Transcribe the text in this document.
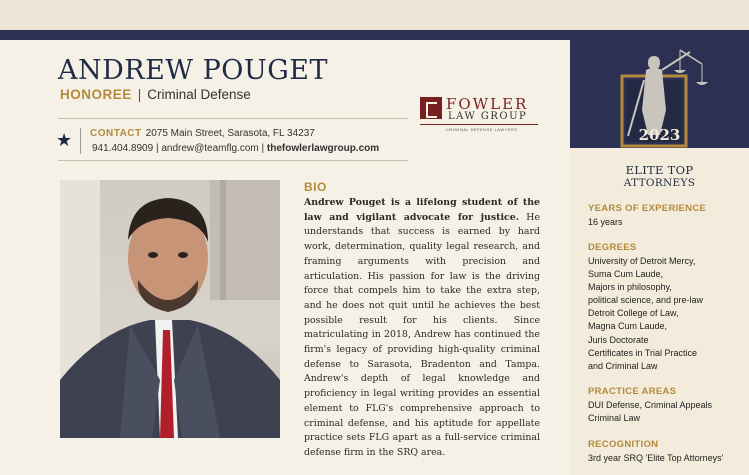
2023
ANDREW POUGET
HONOREE | Criminal Defense
★ CONTACT 2075 Main Street, Sarasota, FL 34237
941.404.8909 | andrew@teamflg.com | thefowlerlawgroup.com
FOWLER
LAW GROUP
CRIMINAL DEFENSE LAWYERS
BIO
Andrew Pouget is a lifelong student of the law and vigilant advocate for justice. He understands that success is earned by hard work, determination, quality legal research, and framing arguments with precision and articulation. His passion for law is the driving force that compels him to take the extra step, and he does not quit until he achieves the best possible result for his clients. Since matriculating in 2018, Andrew has continued the firm's legacy of providing high-quality criminal defense to Sarasota, Bradenton and Tampa. Andrew's depth of legal knowledge and proficiency in legal writing provides an essential element to FLG's comprehensive approach to criminal defense, and his aptitude for appellate practice sets FLG apart as a full-service criminal defense firm in the SRQ area.
ELITE TOP
ATTORNEYS
YEARS OF EXPERIENCE
16 years
DEGREES
University of Detroit Mercy,
Suma Cum Laude,
Majors in philosophy,
political science, and pre-law
Detroit College of Law,
Magna Cum Laude,
Juris Doctorate
Certificates in Trial Practice
and Criminal Law
PRACTICE AREAS
DUI Defense, Criminal Appeals
Criminal Law
RECOGNITION
3rd year SRQ 'Elite Top Attorneys'
